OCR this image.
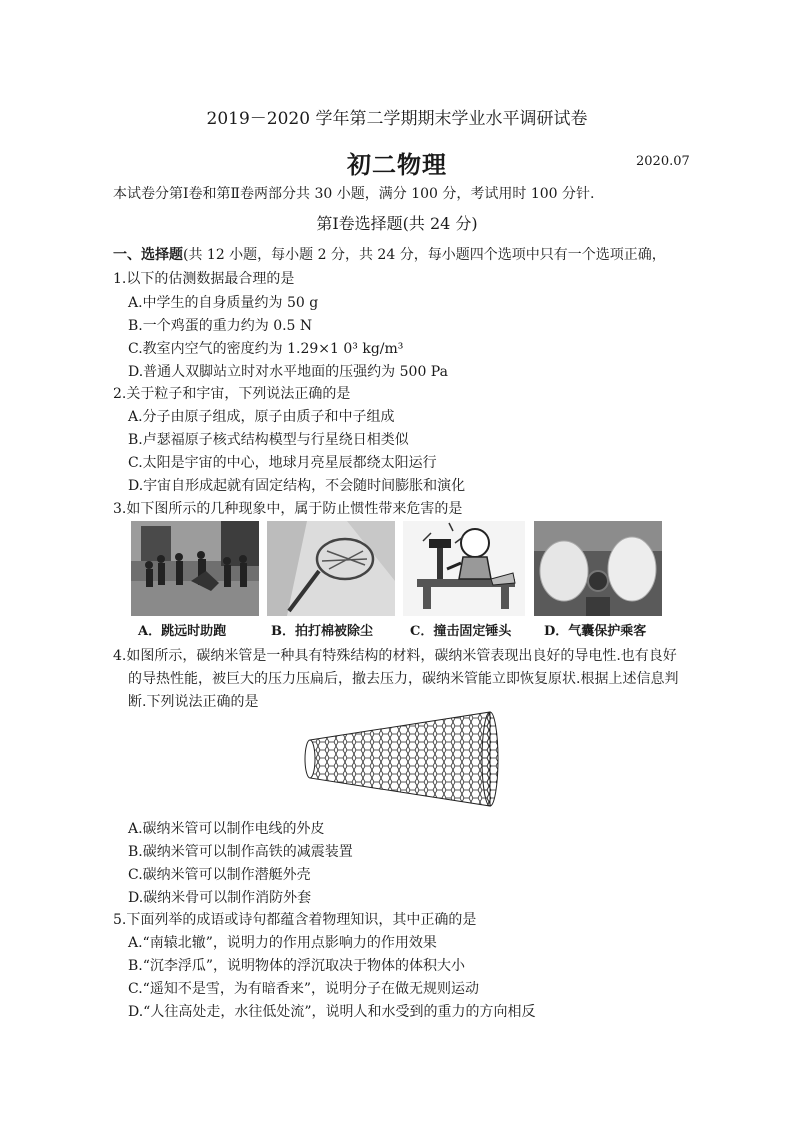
2019－2020 学年第二学期期末学业水平调研试卷
初二物理	2020.07
本试卷分第Ⅰ卷和第Ⅱ卷两部分共 30 小题，满分 100 分，考试用时 100 分针.
第Ⅰ卷选择题(共 24 分)
一、选择题(共 12 小题，每小题 2 分，共 24 分，每小题四个选项中只有一个选项正确，
1.以下的估测数据最合理的是
A.中学生的自身质量约为 50 g
B.一个鸡蛋的重力约为 0.5 N
C.教室内空气的密度约为 1.29×1 0³ kg/m³
D.普通人双脚站立时对水平地面的压强约为 500 Pa
2.关于粒子和宇宙，下列说法正确的是
A.分子由原子组成，原子由质子和中子组成
B.卢瑟福原子核式结构模型与行星绕日相类似
C.太阳是宇宙的中心，地球月亮星辰都绕太阳运行
D.宇宙自形成起就有固定结构，不会随时间膨胀和演化
3.如下图所示的几种现象中，属于防止惯性带来危害的是
A．跳远时助跑	B．拍打棉被除尘	C．撞击固定锤头	D．气囊保护乘客
4.如图所示，碳纳米管是一种具有特殊结构的材料，碳纳米管表现出良好的导电性.也有良好
的导热性能，被巨大的压力压扁后，撤去压力，碳纳米管能立即恢复原状.根据上述信息判
断.下列说法正确的是
A.碳纳米管可以制作电线的外皮
B.碳纳米管可以制作高铁的减震装置
C.碳纳米管可以制作潜艇外壳
D.碳纳米骨可以制作消防外套
5.下面列举的成语或诗句都蕴含着物理知识，其中正确的是
A.“南辕北辙”，说明力的作用点影响力的作用效果
B.“沉李浮瓜”，说明物体的浮沉取决于物体的体积大小
C.“遥知不是雪，为有暗香来”，说明分子在做无规则运动
D.“人往高处走，水往低处流”，说明人和水受到的重力的方向相反
